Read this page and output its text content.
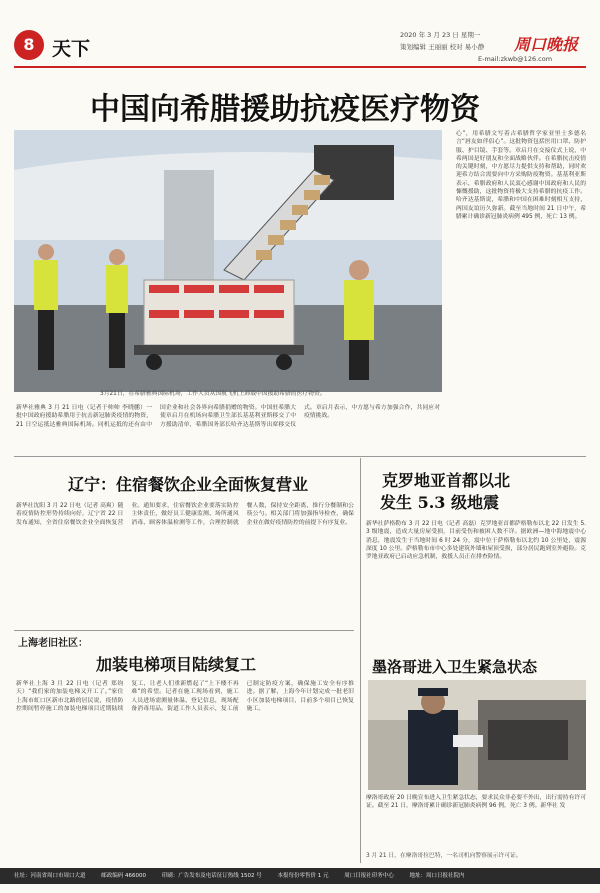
8 天下
2020 年 3 月 23 日 星期一
策划编辑 王丽丽 校对 易小静
E-mail:zkwb@126.com
周口晚报
中国向希腊援助抗疫医疗物资
3月21日，在希腊雅典国际机场，工作人员从国航飞机上卸载中国援助希腊的医疗物资。
新华社雅典 3 月 21 日电（记者于帅帅 李晓鹏）一批中国政府援助希腊用于抗击新冠肺炎疫情的物资，21 日空运抵达雅典国际机场。同机运抵的还有由中国企业和社会各界向希腊捐赠的物资。中国驻希腊大使章启月在机场向希腊卫生部长基基利亚斯移交了中方援助清单，希腊国务部长哈齐达基斯等出席移交仪式。章启月表示，中方愿与希方加强合作，共同应对疫情挑战。
心”，用希腊文写着古希腊哲学家亚里士多德名言“唇友如伴侣心”。这批物资包括医用口罩、防护服、护目镜、手套等。章启月在交接仪式上说，中希两国是好朋友和全面战略伙伴。在希腊抗击疫情的关键时刻，中方愿尽力提供支持和帮助，同时欢迎希方结合需要向中方采购防疫物资。基基利亚斯表示，希腊政府和人民衷心感谢中国政府和人民的慷慨援助，这批物资将极大支持希腊的抗疫工作。哈齐达基斯说，希腊和中国在困难时刻相互支持，两国友谊历久弥新。截至当地时间 21 日中午，希腊累计确诊新冠肺炎病例 495 例，死亡 13 例。
辽宁：住宿餐饮企业全面恢复营业
新华社沈阳 3 月 22 日电（记者 高爽）随着疫情防控形势持续向好，辽宁省 22 日发布通知，全省住宿餐饮企业全面恢复营业。通知要求，住宿餐饮企业要落实防控主体责任，做好员工健康监测、场所通风消毒、顾客体温检测等工作，合理控制就餐人数，保持安全距离，推行分餐制和公筷公勺。相关部门将加强指导检查，确保企业在做好疫情防控的前提下有序复业。
克罗地亚首都以北
发生 5.3 级地震
新华社萨格勒布 3 月 22 日电（记者 高磊）克罗地亚首都萨格勒布以北 22 日发生 5.3 级地震，造成大量房屋受损，目前受伤和被困人数不详。据欧洲—地中海地震中心消息，地震发生于当地时间 6 时 24 分，震中位于萨格勒布以北约 10 公里处，震源深度 10 公里。萨格勒布市中心多处建筑外墙和屋顶受损，部分居民跑到室外避险。克罗地亚政府已启动应急机制，救援人员正在排查险情。
上海老旧社区：
加装电梯项目陆续复工
新华社上海 3 月 22 日电（记者 郑钧天）“我们家的加装电梯又开工了。”家住上海市虹口区新市北路的居民说，疫情防控期间暂停施工的加装电梯项目近期陆续复工，让老人们重新燃起了“上下楼不再难”的希望。记者在施工现场看到，施工人员进场需测量体温、登记信息，现场配备消毒用品。街道工作人员表示，复工前已制定防疫方案，确保施工安全有序推进。据了解，上海今年计划完成一批老旧小区加装电梯项目，目前多个项目已恢复施工。
墨洛哥进入卫生紧急状态
摩洛哥政府 20 日晚宣布进入卫生紧急状态，要求民众非必要不外出，出行需持有许可证。截至 21 日，摩洛哥累计确诊新冠肺炎病例 96 例，死亡 3 例。新华社 发
3 月 21 日，在摩洛哥拉巴特，一名司机向警察展示许可证。
社址：河南省周口市周口大道	邮政编码 466000	印刷：广告发布及电话征订热线 1502 号	本报每份零售价 1 元	周口日报社印务中心	地址：周口日报社院内
